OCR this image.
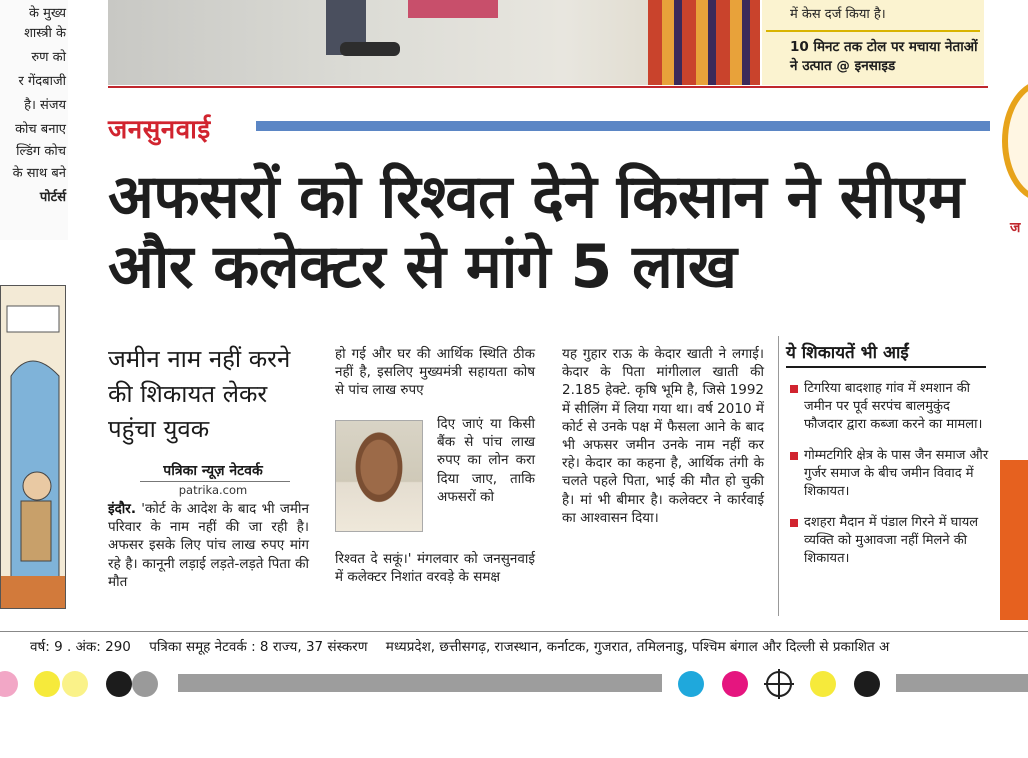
के मुख्य
शास्त्री के
रुण को
र गेंदबाजी
है। संजय
कोच बनाए
ल्डिंग कोच
के साथ बने
पोर्टर्स
में केस दर्ज किया है।
10 मिनट तक टोल पर मचाया नेताओं ने उत्पात @ इनसाइड
ज
जनसुनवाई
अफसरों को रिश्वत देने किसान ने सीएम और कलेक्टर से मांगे 5 लाख
जमीन नाम नहीं करने की शिकायत लेकर पहुंचा युवक
पत्रिका न्यूज़ नेटवर्क
patrika.com
इंदौर. 'कोर्ट के आदेश के बाद भी जमीन परिवार के नाम नहीं की जा रही है। अफसर इसके लिए पांच लाख रुपए मांग रहे है। कानूनी लड़ाई लड़ते-लड़ते पिता की मौत
हो गई और घर की आर्थिक स्थिति ठीक नहीं है, इसलिए मुख्यमंत्री सहायता कोष से पांच लाख रुपए
दिए जाएं या किसी बैंक से पांच लाख रुपए का लोन करा दिया जाए, ताकि अफसरों को
रिश्वत दे सकूं।' मंगलवार को जनसुनवाई में कलेक्टर निशांत वरवड़े के समक्ष
यह गुहार राऊ के केदार खाती ने लगाई। केदार के पिता मांगीलाल खाती की 2.185 हेक्टे. कृषि भूमि है, जिसे 1992 में सीलिंग में लिया गया था। वर्ष 2010 में कोर्ट से उनके पक्ष में फैसला आने के बाद भी अफसर जमीन उनके नाम नहीं कर रहे। केदार का कहना है, आर्थिक तंगी के चलते पहले पिता, भाई की मौत हो चुकी है। मां भी बीमार है। कलेक्टर ने कार्रवाई का आश्वासन दिया।
ये शिकायतें भी आईं
टिगरिया बादशाह गांव में श्मशान की जमीन पर पूर्व सरपंच बालमुकुंद फौजदार द्वारा कब्जा करने का मामला।
गोम्मटगिरि क्षेत्र के पास जैन समाज और गुर्जर समाज के बीच जमीन विवाद में शिकायत।
दशहरा मैदान में पंडाल गिरने में घायल व्यक्ति को मुआवजा नहीं मिलने की शिकायत।
वर्ष: 9 . अंक: 290 पत्रिका समूह नेटवर्क : 8 राज्य, 37 संस्करण मध्यप्रदेश, छत्तीसगढ़, राजस्थान, कर्नाटक, गुजरात, तमिलनाडु, पश्चिम बंगाल और दिल्ली से प्रकाशित अ
